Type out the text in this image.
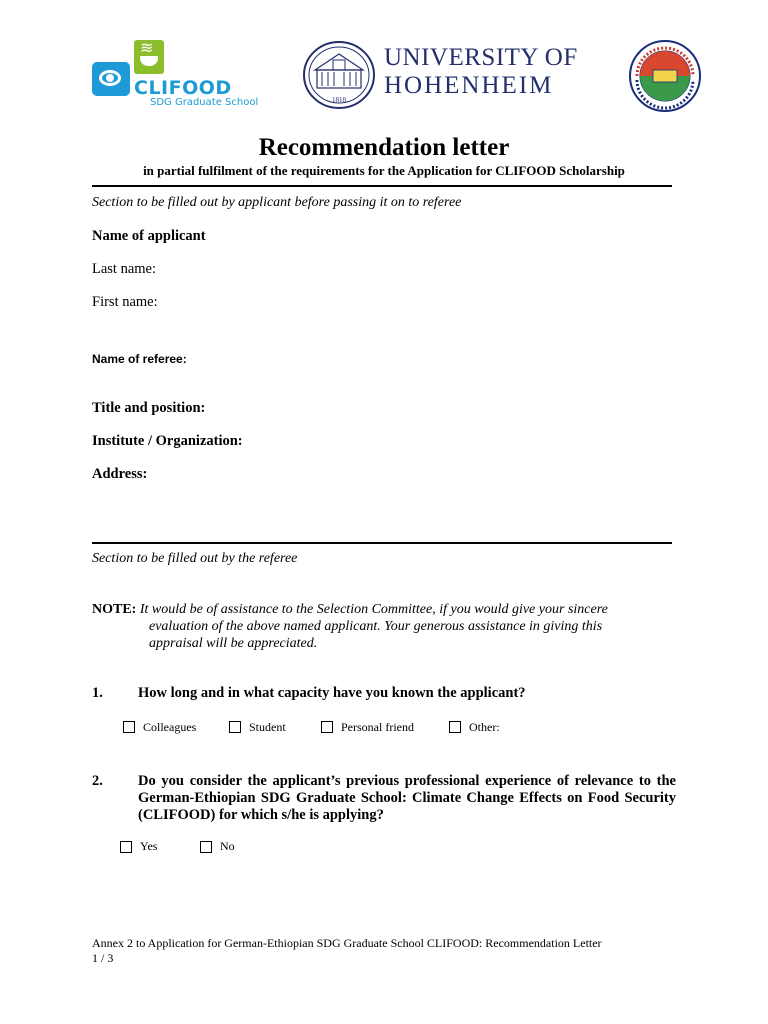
≋
CLIFOOD
SDG Graduate School	1818
UNIVERSITY OF
HOHENHEIM
Recommendation letter
in partial fulfilment of the requirements for the Application for CLIFOOD Scholarship
Section to be filled out by applicant before passing it on to referee
Name of applicant
Last name:
First name:
Name of referee:
Title and position:
Institute / Organization:
Address:
Section to be filled out by the referee
NOTE: It would be of assistance to the Selection Committee, if you would give your sincere
evaluation of the above named applicant. Your generous assistance in giving this
appraisal will be appreciated.
1. How long and in what capacity have you known the applicant?
Colleagues	Student	Personal friend	Other:
2. Do you consider the applicant’s previous professional experience of relevance to the German-Ethiopian SDG Graduate School: Climate Change Effects on Food Security (CLIFOOD) for which s/he is applying?
Yes	No
Annex 2 to Application for German-Ethiopian SDG Graduate School CLIFOOD: Recommendation Letter
1 / 3
